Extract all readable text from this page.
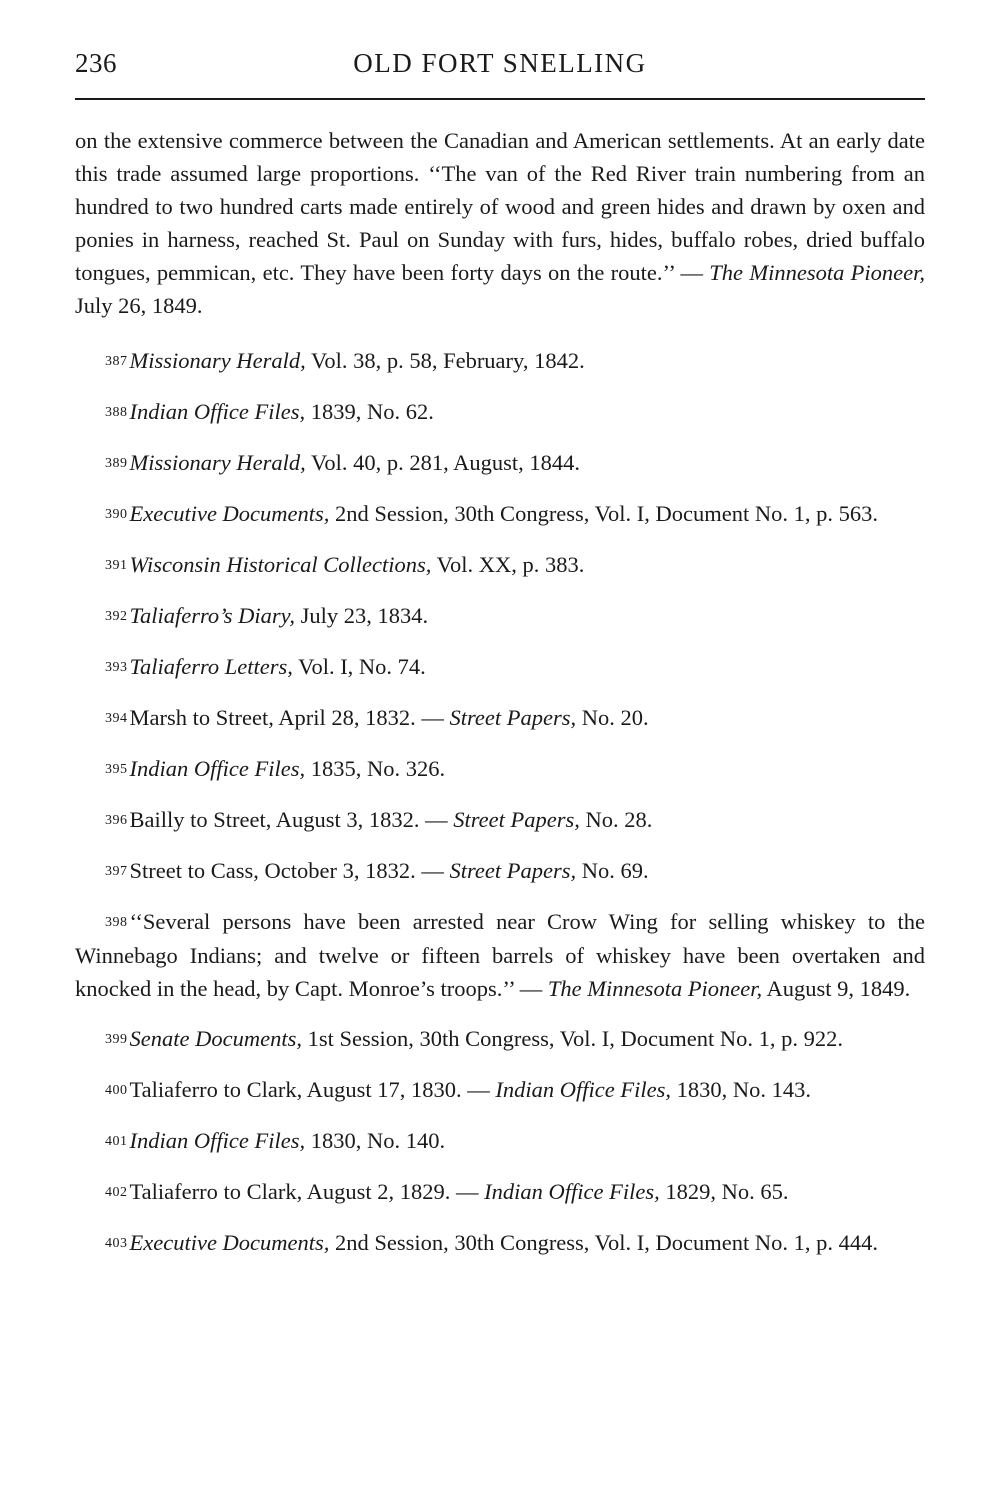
236	OLD FORT SNELLING

on the extensive commerce between the Canadian and American settlements. At an early date this trade assumed large proportions. ‘‘The van of the Red River train numbering from an hundred to two hundred carts made entirely of wood and green hides and drawn by oxen and ponies in harness, reached St. Paul on Sunday with furs, hides, buffalo robes, dried buffalo tongues, pemmican, etc. They have been forty days on the route.’’ — The Minnesota Pioneer, July 26, 1849.

387Missionary Herald, Vol. 38, p. 58, February, 1842.

388Indian Office Files, 1839, No. 62.

389Missionary Herald, Vol. 40, p. 281, August, 1844.

390Executive Documents, 2nd Session, 30th Congress, Vol. I, Document No. 1, p. 563.

391Wisconsin Historical Collections, Vol. XX, p. 383.

392Taliaferro’s Diary, July 23, 1834.

393Taliaferro Letters, Vol. I, No. 74.

394Marsh to Street, April 28, 1832. — Street Papers, No. 20.

395Indian Office Files, 1835, No. 326.

396Bailly to Street, August 3, 1832. — Street Papers, No. 28.

397Street to Cass, October 3, 1832. — Street Papers, No. 69.

398‘‘Several persons have been arrested near Crow Wing for selling whiskey to the Winnebago Indians; and twelve or fifteen barrels of whiskey have been overtaken and knocked in the head, by Capt. Monroe’s troops.’’ — The Minnesota Pioneer, August 9, 1849.

399Senate Documents, 1st Session, 30th Congress, Vol. I, Document No. 1, p. 922.

400Taliaferro to Clark, August 17, 1830. — Indian Office Files, 1830, No. 143.

401Indian Office Files, 1830, No. 140.

402Taliaferro to Clark, August 2, 1829. — Indian Office Files, 1829, No. 65.

403Executive Documents, 2nd Session, 30th Congress, Vol. I, Document No. 1, p. 444.
